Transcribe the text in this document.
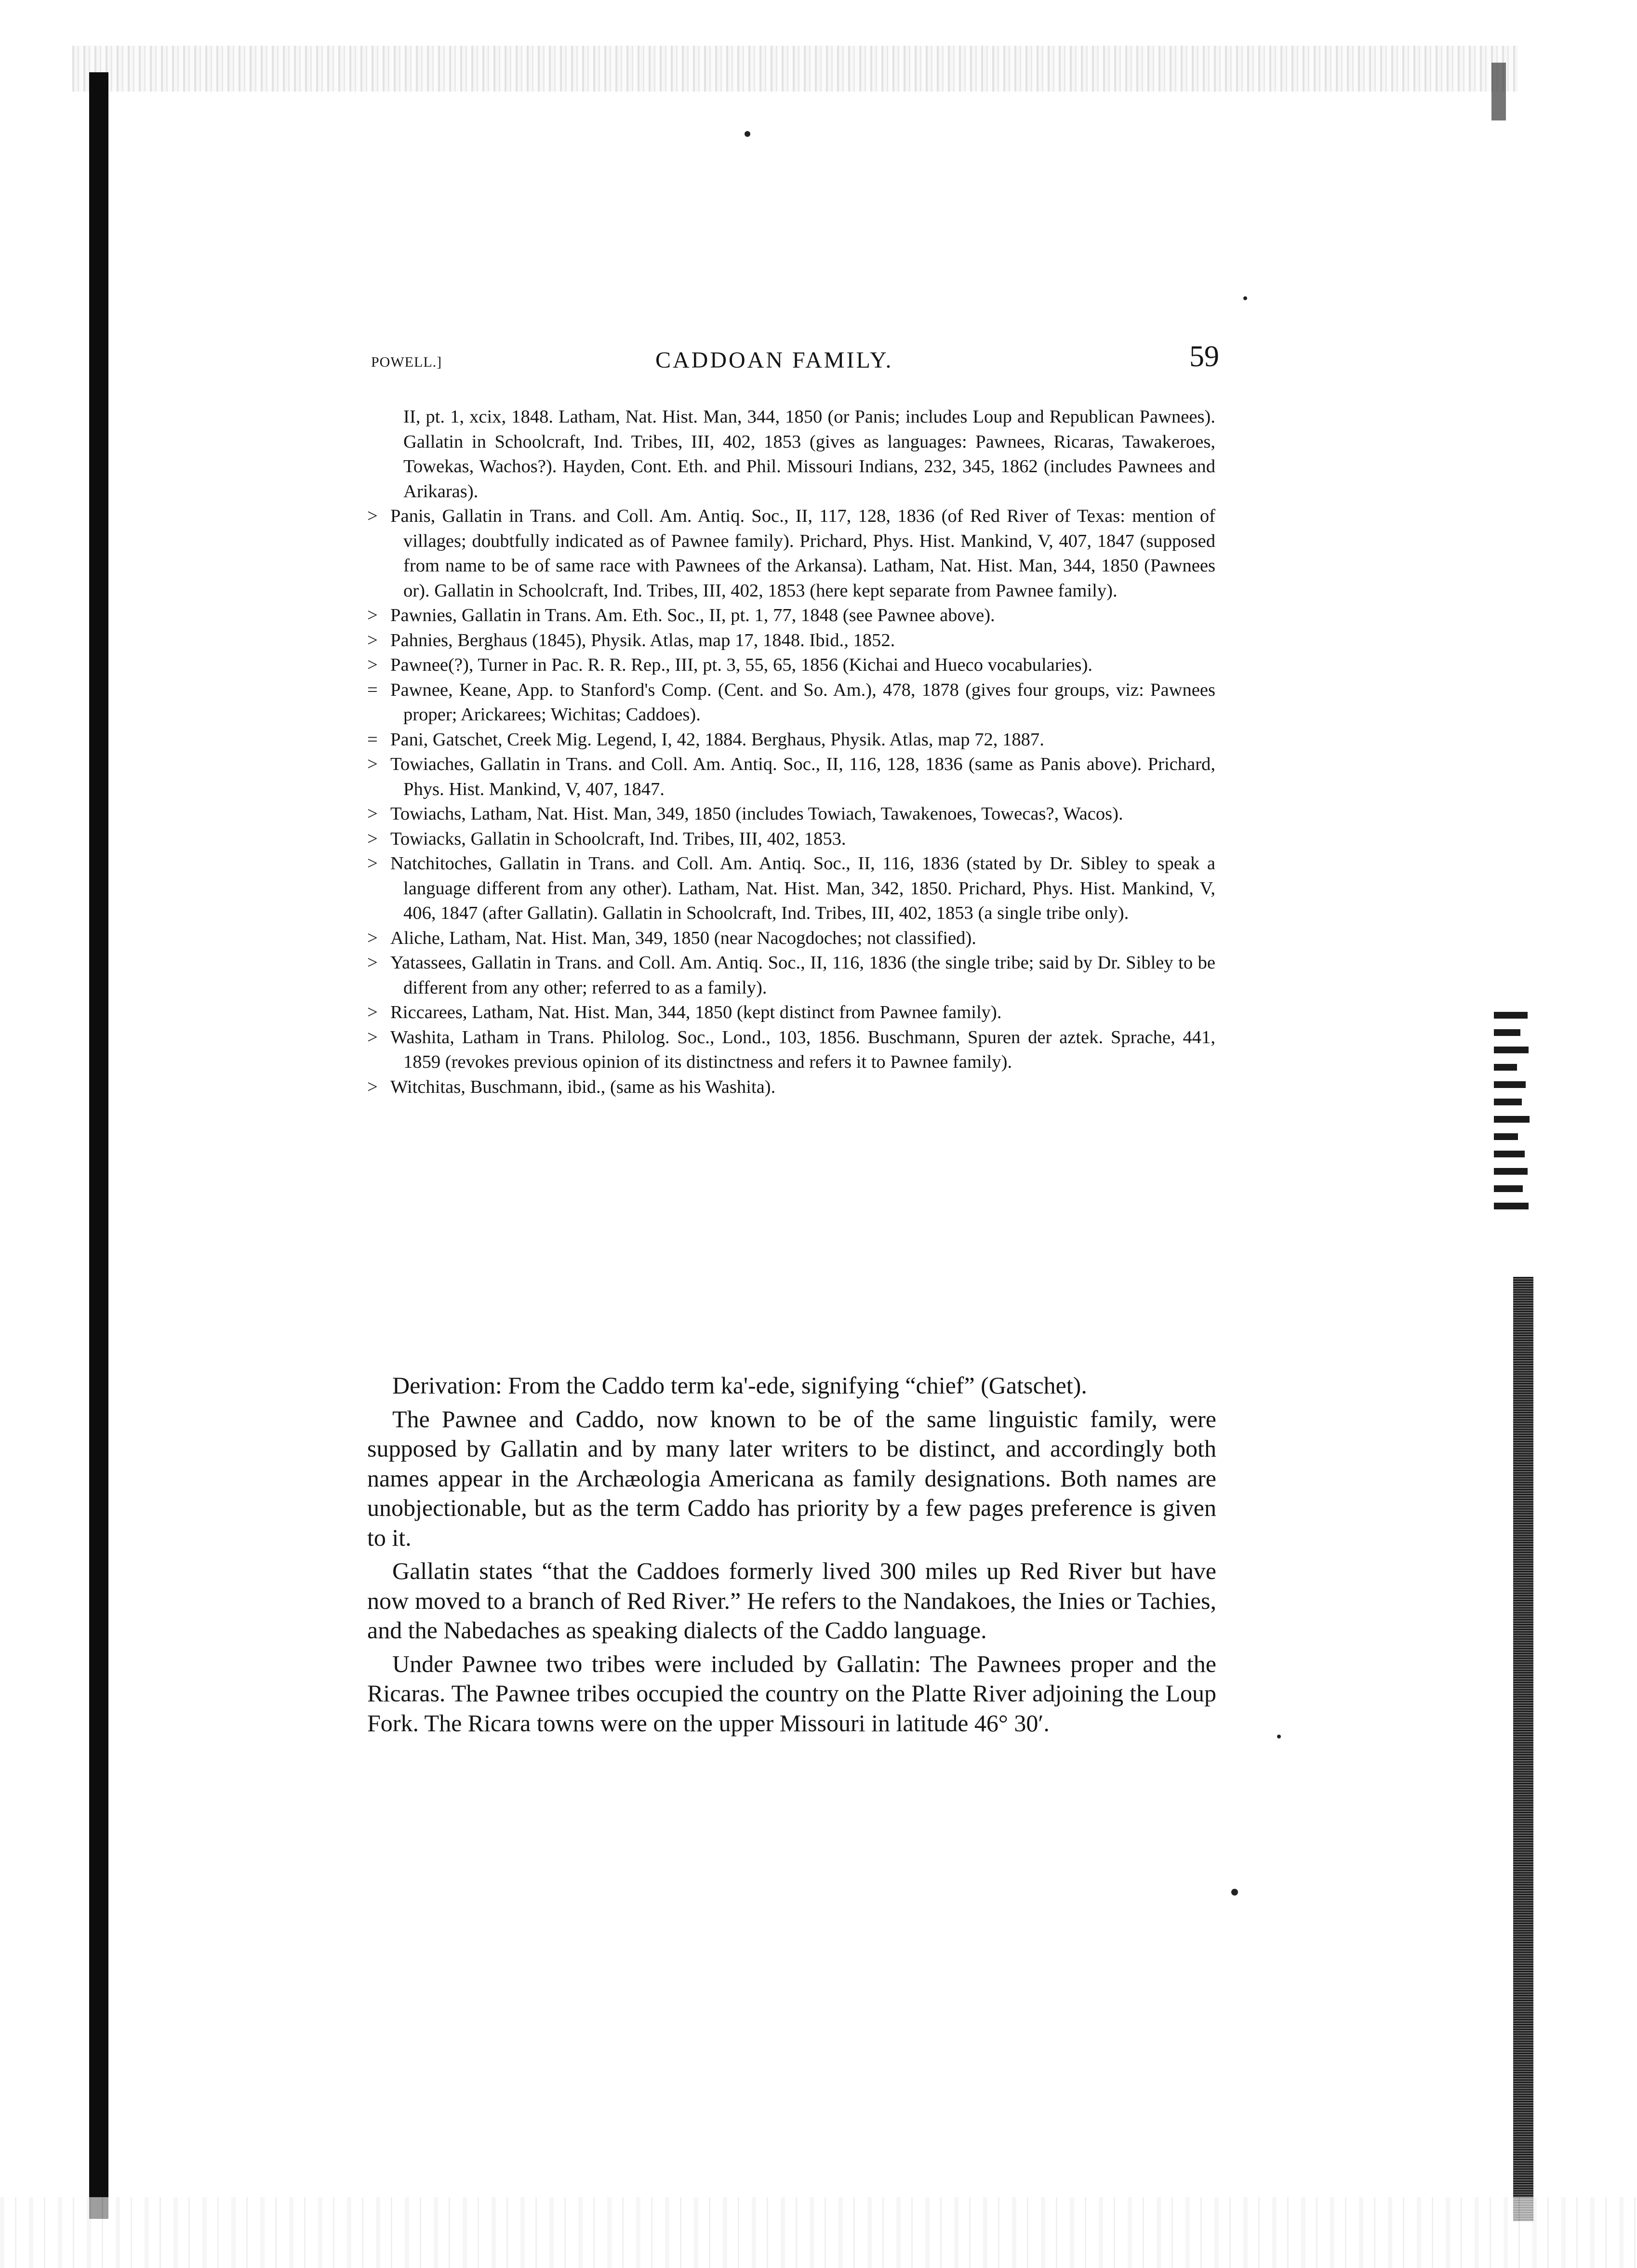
POWELL.]	CADDOAN FAMILY.	59

II, pt. 1, xcix, 1848. Latham, Nat. Hist. Man, 344, 1850 (or Panis; includes Loup and Republican Pawnees). Gallatin in Schoolcraft, Ind. Tribes, III, 402, 1853 (gives as languages: Pawnees, Ricaras, Tawakeroes, Towekas, Wachos?). Hayden, Cont. Eth. and Phil. Missouri Indians, 232, 345, 1862 (includes Pawnees and Arikaras).

> Panis, Gallatin in Trans. and Coll. Am. Antiq. Soc., II, 117, 128, 1836 (of Red River of Texas: mention of villages; doubtfully indicated as of Pawnee family). Prichard, Phys. Hist. Mankind, V, 407, 1847 (supposed from name to be of same race with Pawnees of the Arkansa). Latham, Nat. Hist. Man, 344, 1850 (Pawnees or). Gallatin in Schoolcraft, Ind. Tribes, III, 402, 1853 (here kept separate from Pawnee family).

> Pawnies, Gallatin in Trans. Am. Eth. Soc., II, pt. 1, 77, 1848 (see Pawnee above).

> Pahnies, Berghaus (1845), Physik. Atlas, map 17, 1848. Ibid., 1852.

> Pawnee(?), Turner in Pac. R. R. Rep., III, pt. 3, 55, 65, 1856 (Kichai and Hueco vocabularies).

= Pawnee, Keane, App. to Stanford's Comp. (Cent. and So. Am.), 478, 1878 (gives four groups, viz: Pawnees proper; Arickarees; Wichitas; Caddoes).

= Pani, Gatschet, Creek Mig. Legend, I, 42, 1884. Berghaus, Physik. Atlas, map 72, 1887.

> Towiaches, Gallatin in Trans. and Coll. Am. Antiq. Soc., II, 116, 128, 1836 (same as Panis above). Prichard, Phys. Hist. Mankind, V, 407, 1847.

> Towiachs, Latham, Nat. Hist. Man, 349, 1850 (includes Towiach, Tawakenoes, Towecas?, Wacos).

> Towiacks, Gallatin in Schoolcraft, Ind. Tribes, III, 402, 1853.

> Natchitoches, Gallatin in Trans. and Coll. Am. Antiq. Soc., II, 116, 1836 (stated by Dr. Sibley to speak a language different from any other). Latham, Nat. Hist. Man, 342, 1850. Prichard, Phys. Hist. Mankind, V, 406, 1847 (after Gallatin). Gallatin in Schoolcraft, Ind. Tribes, III, 402, 1853 (a single tribe only).

> Aliche, Latham, Nat. Hist. Man, 349, 1850 (near Nacogdoches; not classified).

> Yatassees, Gallatin in Trans. and Coll. Am. Antiq. Soc., II, 116, 1836 (the single tribe; said by Dr. Sibley to be different from any other; referred to as a family).

> Riccarees, Latham, Nat. Hist. Man, 344, 1850 (kept distinct from Pawnee family).

> Washita, Latham in Trans. Philolog. Soc., Lond., 103, 1856. Buschmann, Spuren der aztek. Sprache, 441, 1859 (revokes previous opinion of its distinctness and refers it to Pawnee family).

> Witchitas, Buschmann, ibid., (same as his Washita).

Derivation: From the Caddo term ka'-ede, signifying “chief” (Gatschet).

The Pawnee and Caddo, now known to be of the same linguistic family, were supposed by Gallatin and by many later writers to be distinct, and accordingly both names appear in the Archæologia Americana as family designations. Both names are unobjectionable, but as the term Caddo has priority by a few pages preference is given to it.

Gallatin states “that the Caddoes formerly lived 300 miles up Red River but have now moved to a branch of Red River.” He refers to the Nandakoes, the Inies or Tachies, and the Nabedaches as speaking dialects of the Caddo language.

Under Pawnee two tribes were included by Gallatin: The Pawnees proper and the Ricaras. The Pawnee tribes occupied the country on the Platte River adjoining the Loup Fork. The Ricara towns were on the upper Missouri in latitude 46° 30′.
